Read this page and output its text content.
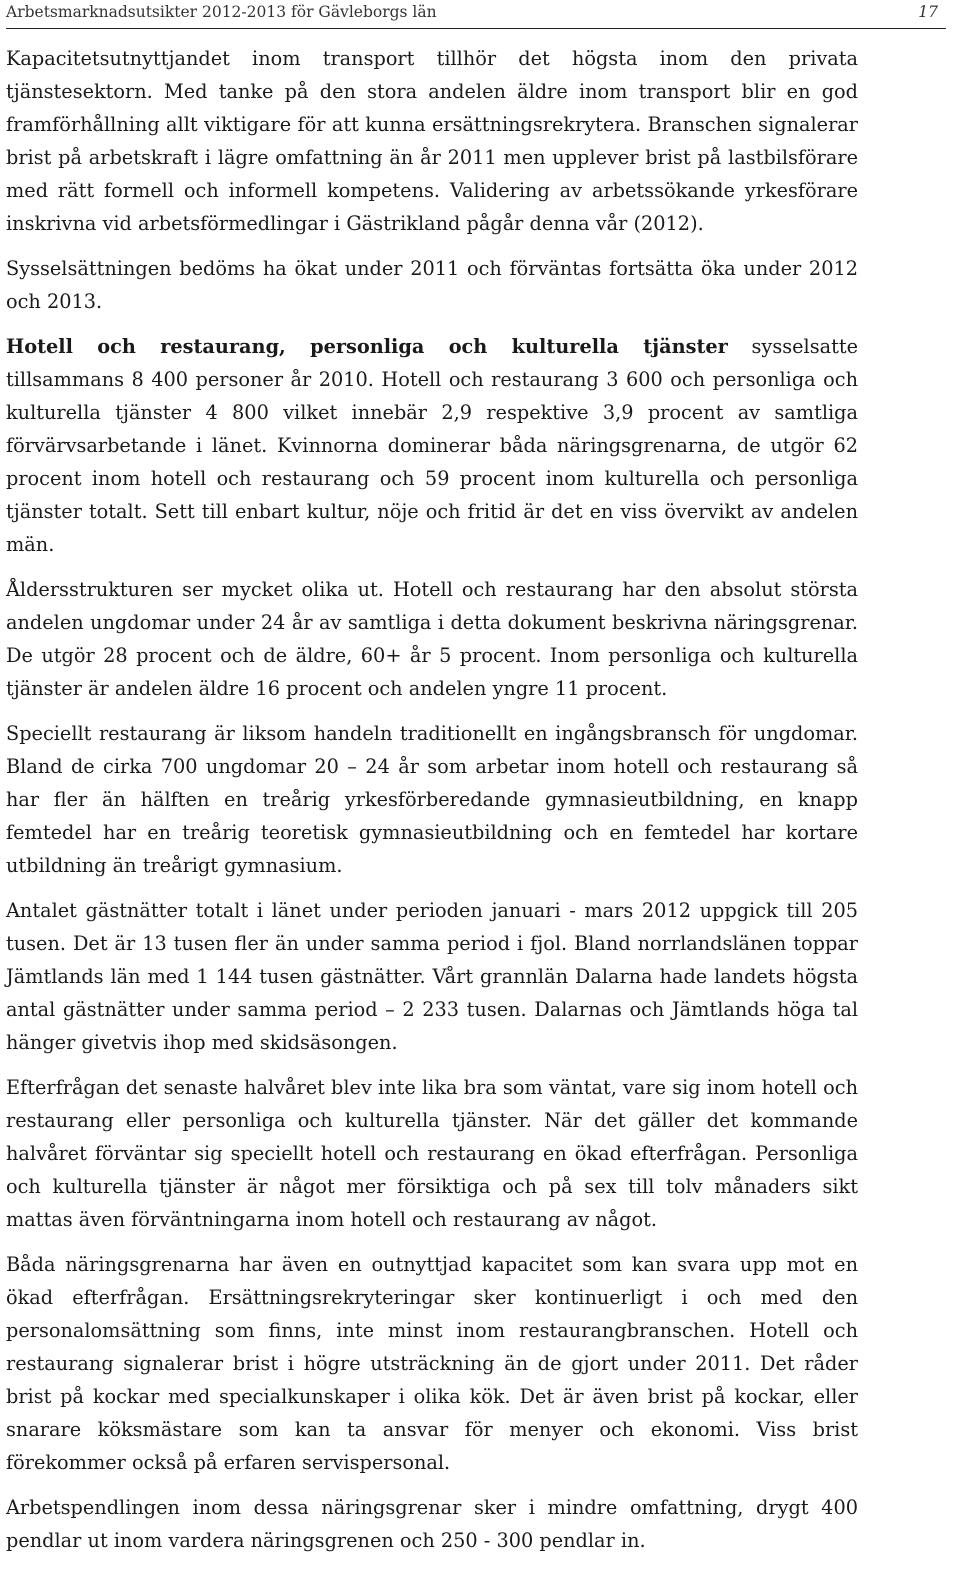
Arbetsmarknadsutsikter 2012-2013 för Gävleborgs län	17

Kapacitetsutnyttjandet inom transport tillhör det högsta inom den privata tjänstesektorn. Med tanke på den stora andelen äldre inom transport blir en god framförhållning allt viktigare för att kunna ersättningsrekrytera. Branschen signalerar brist på arbetskraft i lägre omfattning än år 2011 men upplever brist på lastbilsförare med rätt formell och informell kompetens. Validering av arbetssökande yrkesförare inskrivna vid arbetsförmedlingar i Gästrikland pågår denna vår (2012).

Sysselsättningen bedöms ha ökat under 2011 och förväntas fortsätta öka under 2012 och 2013.

Hotell och restaurang, personliga och kulturella tjänster sysselsatte tillsammans 8 400 personer år 2010. Hotell och restaurang 3 600 och personliga och kulturella tjänster 4 800 vilket innebär 2,9 respektive 3,9 procent av samtliga förvärvsarbetande i länet. Kvinnorna dominerar båda näringsgrenarna, de utgör 62 procent inom hotell och restaurang och 59 procent inom kulturella och personliga tjänster totalt. Sett till enbart kultur, nöje och fritid är det en viss övervikt av andelen män.

Åldersstrukturen ser mycket olika ut. Hotell och restaurang har den absolut största andelen ungdomar under 24 år av samtliga i detta dokument beskrivna näringsgrenar. De utgör 28 procent och de äldre, 60+ år 5 procent. Inom personliga och kulturella tjänster är andelen äldre 16 procent och andelen yngre 11 procent.

Speciellt restaurang är liksom handeln traditionellt en ingångsbransch för ungdomar. Bland de cirka 700 ungdomar 20 – 24 år som arbetar inom hotell och restaurang så har fler än hälften en treårig yrkesförberedande gymnasieutbildning, en knapp femtedel har en treårig teoretisk gymnasieutbildning och en femtedel har kortare utbildning än treårigt gymnasium.

Antalet gästnätter totalt i länet under perioden januari - mars 2012 uppgick till 205 tusen. Det är 13 tusen fler än under samma period i fjol. Bland norrlandslänen toppar Jämtlands län med 1 144 tusen gästnätter. Vårt grannlän Dalarna hade landets högsta antal gästnätter under samma period – 2 233 tusen. Dalarnas och Jämtlands höga tal hänger givetvis ihop med skidsäsongen.

Efterfrågan det senaste halvåret blev inte lika bra som väntat, vare sig inom hotell och restaurang eller personliga och kulturella tjänster. När det gäller det kommande halvåret förväntar sig speciellt hotell och restaurang en ökad efterfrågan. Personliga och kulturella tjänster är något mer försiktiga och på sex till tolv månaders sikt mattas även förväntningarna inom hotell och restaurang av något.

Båda näringsgrenarna har även en outnyttjad kapacitet som kan svara upp mot en ökad efterfrågan. Ersättningsrekryteringar sker kontinuerligt i och med den personalomsättning som finns, inte minst inom restaurangbranschen. Hotell och restaurang signalerar brist i högre utsträckning än de gjort under 2011. Det råder brist på kockar med specialkunskaper i olika kök. Det är även brist på kockar, eller snarare köksmästare som kan ta ansvar för menyer och ekonomi. Viss brist förekommer också på erfaren servispersonal.

Arbetspendlingen inom dessa näringsgrenar sker i mindre omfattning, drygt 400 pendlar ut inom vardera näringsgrenen och 250 - 300 pendlar in.
